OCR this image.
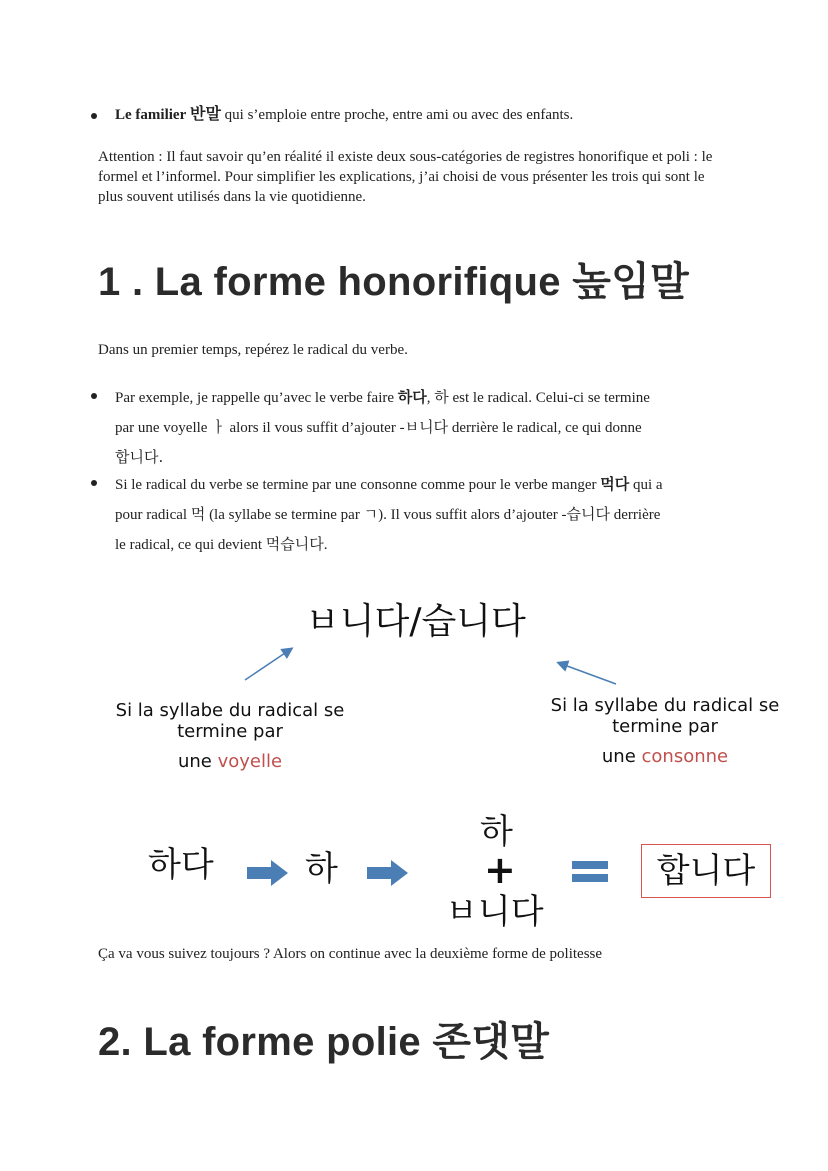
Le familier 반말 qui s’emploie entre proche, entre ami ou avec des enfants.
Attention : Il faut savoir qu’en réalité il existe deux sous-catégories de registres honorifique et poli : le formel et l’informel. Pour simplifier les explications, j’ai choisi de vous présenter les trois qui sont le plus souvent utilisés dans la vie quotidienne.
1 . La forme honorifique 높임말
Dans un premier temps, repérez le radical du verbe.
Par exemple, je rappelle qu’avec le verbe faire 하다, 하 est le radical. Celui-ci se termine
par une voyelle ㅏ alors il vous suffit d’ajouter -ㅂ니다 derrière le radical, ce qui donne
합니다.
Si le radical du verbe se termine par une consonne comme pour le verbe manger 먹다 qui a
pour radical 먹 (la syllabe se termine par ㄱ). Il vous suffit alors d’ajouter -습니다 derrière
le radical, ce qui devient 먹습니다.
ㅂ니다/습니다
Si la syllabe du radical se
termine par
une voyelle
Si la syllabe du radical se
termine par
une consonne
하다	하
하
+
ㅂ니다
합니다
Ça va vous suivez toujours ? Alors on continue avec la deuxième forme de politesse
2. La forme polie 존댓말
